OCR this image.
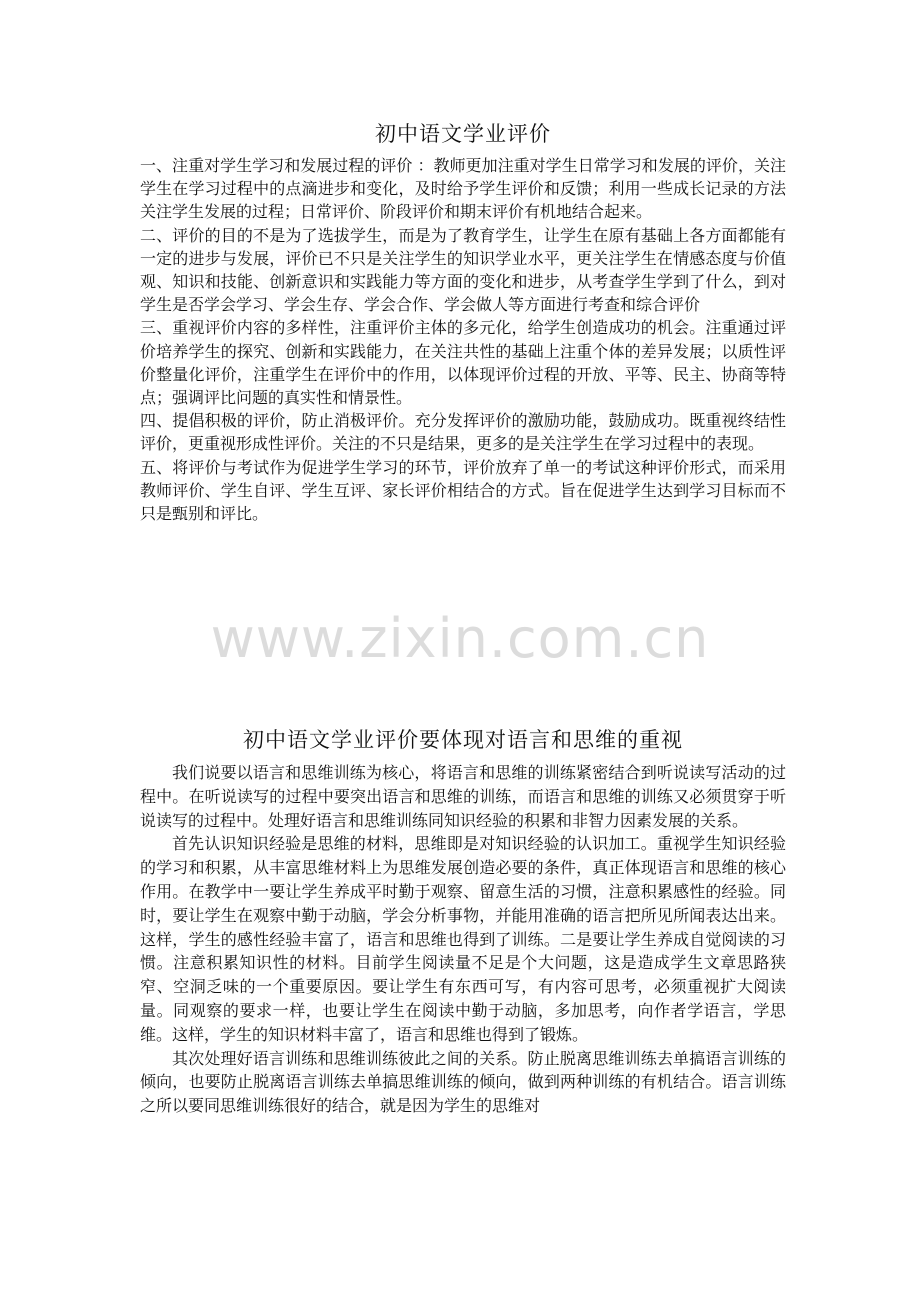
初中语文学业评价

一、注重对学生学习和发展过程的评价 ：教师更加注重对学生日常学习和发展的评价，关注学生在学习过程中的点滴进步和变化，及时给予学生评价和反馈；利用一些成长记录的方法关注学生发展的过程；日常评价、阶段评价和期末评价有机地结合起来。

二、评价的目的不是为了选拔学生，而是为了教育学生，让学生在原有基础上各方面都能有一定的进步与发展，评价已不只是关注学生的知识学业水平，更关注学生在情感态度与价值观、知识和技能、创新意识和实践能力等方面的变化和进步，从考查学生学到了什么，到对学生是否学会学习、学会生存、学会合作、学会做人等方面进行考查和综合评价

三、重视评价内容的多样性，注重评价主体的多元化，给学生创造成功的机会。注重通过评价培养学生的探究、创新和实践能力，在关注共性的基础上注重个体的差异发展；以质性评价整量化评价，注重学生在评价中的作用，以体现评价过程的开放、平等、民主、协商等特点；强调评比问题的真实性和情景性。

四、提倡积极的评价，防止消极评价。充分发挥评价的激励功能，鼓励成功。既重视终结性评价，更重视形成性评价。关注的不只是结果，更多的是关注学生在学习过程中的表现。

五、将评价与考试作为促进学生学习的环节，评价放弃了单一的考试这种评价形式，而采用教师评价、学生自评、学生互评、家长评价相结合的方式。旨在促进学生达到学习目标而不只是甄别和评比。

www.zixin.com.cn
初中语文学业评价要体现对语言和思维的重视

我们说要以语言和思维训练为核心，将语言和思维的训练紧密结合到听说读写活动的过程中。在听说读写的过程中要突出语言和思维的训练，而语言和思维的训练又必须贯穿于听说读写的过程中。处理好语言和思维训练同知识经验的积累和非智力因素发展的关系。

首先认识知识经验是思维的材料，思维即是对知识经验的认识加工。重视学生知识经验的学习和积累，从丰富思维材料上为思维发展创造必要的条件，真正体现语言和思维的核心作用。在教学中一要让学生养成平时勤于观察、留意生活的习惯，注意积累感性的经验。同时，要让学生在观察中勤于动脑，学会分析事物，并能用准确的语言把所见所闻表达出来。这样，学生的感性经验丰富了，语言和思维也得到了训练。二是要让学生养成自觉阅读的习惯。注意积累知识性的材料。目前学生阅读量不足是个大问题，这是造成学生文章思路狭窄、空洞乏味的一个重要原因。要让学生有东西可写，有内容可思考，必须重视扩大阅读量。同观察的要求一样，也要让学生在阅读中勤于动脑，多加思考，向作者学语言，学思维。这样，学生的知识材料丰富了，语言和思维也得到了锻炼。

其次处理好语言训练和思维训练彼此之间的关系。防止脱离思维训练去单搞语言训练的倾向，也要防止脱离语言训练去单搞思维训练的倾向，做到两种训练的有机结合。语言训练之所以要同思维训练很好的结合，就是因为学生的思维对
